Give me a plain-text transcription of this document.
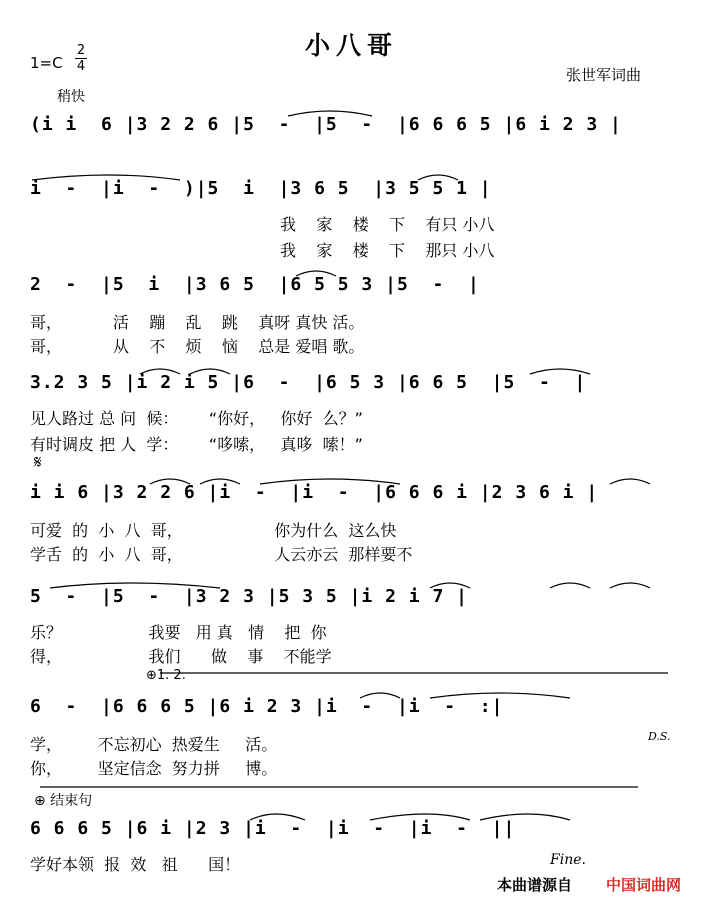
小八哥
1=C
2
4
稍快
张世军词曲
(i i  6 |3 2 2 6 |5  -  |5  -  |6 6 6 5 |6 i 2 3 |
i  -  |i  -  )|5  i  |3 6 5  |3 5 5 1 |
我    家    楼    下    有只 小八
我    家    楼    下    那只 小八
2  -  |5  i  |3 6 5  |6 5 5 3 |5  -  |
哥，          活    蹦    乱    跳    真呀 真快 活。
哥，          从    不    烦    恼    总是 爱唱 歌。
3.2 3 5 |i 2 i 5 |6  -  |6 5 3 |6 6 5  |5  -  |
见人路过 总 问  候：      “你好，   你好  么？”
有时调皮 把 人  学：      “哆嗦，   真哆  嗦！”
𝄋
i i 6 |3 2 2 6 |i  -  |i  -  |6 6 6 i |2 3 6 i |
可爱  的  小  八  哥，                  你为什么  这么快
学舌  的  小  八  哥，                  人云亦云  那样要不
5  -  |5  -  |3 2 3 |5 3 5 |i 2 i 7 |
乐？                 我要   用 真   情    把  你
得，                 我们      做    事    不能学
⊕1. 2.
6  -  |6 6 6 5 |6 i 2 3 |i  -  |i  -  :|
D.S.
学，       不忘初心  热爱生     活。
你，       坚定信念  努力拼     博。
⊕ 结束句
6 6 6 5 |6 i |2 3 |i  -  |i  -  |i  -  ||
学好本领  报  效   祖      国！	Fine.
本曲谱源自 中国词曲网
